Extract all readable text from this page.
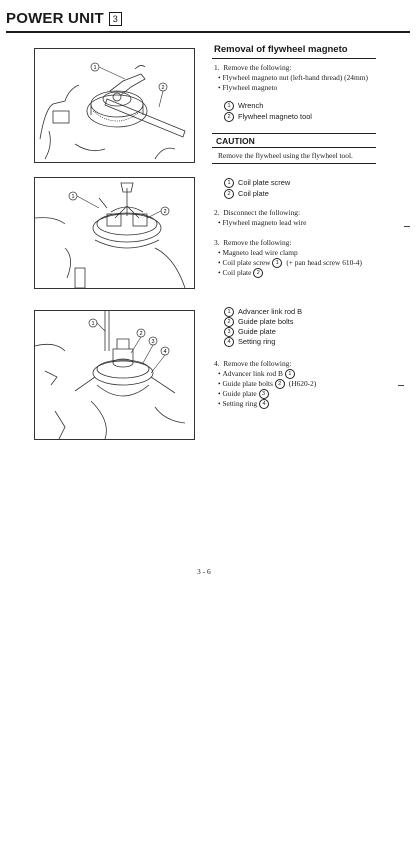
POWER UNIT 3
1
2
Removal of flywheel magneto
1. Remove the following:
• Flywheel magneto nut (left-hand thread) (24mm)
• Flywheel magneto
1 Wrench
2 Flywheel magneto tool
CAUTION
Remove the flywheel using the flywheel tool.
1
2
1 Coil plate screw
2 Coil plate
2. Disconnect the following:
• Flywheel magneto lead wire
3. Remove the following:
• Magneto lead wire clamp
• Coil plate screw 1 (+ pan head screw 610-4)
• Coil plate 2
1
2
3
4
1 Advancer link rod B
2 Guide plate bolts
3 Guide plate
4 Setting ring
4. Remove the following:
• Advancer link rod B 1
• Guide plate bolts 2 (H620-2)
• Guide plate 3
• Setting ring 4
3 - 6
